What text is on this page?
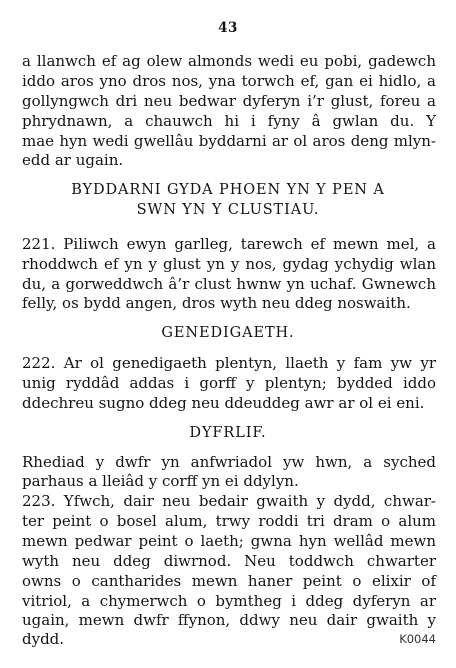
43

a llanwch ef ag olew almonds wedi eu pobi, gadewch

iddo aros yno dros nos, yna torwch ef, gan ei hidlo, a

gollyngwch dri neu bedwar dyferyn i’r glust, foreu a

phrydnawn, a chauwch hi i fyny â gwlan du. Y

mae hyn wedi gwellâu byddarni ar ol aros deng mlyn-

edd ar ugain.

BYDDARNI GYDA PHOEN YN Y PEN A

SWN YN Y CLUSTIAU.

221. Piliwch ewyn garlleg, tarewch ef mewn mel, a

rhoddwch ef yn y glust yn y nos, gydag ychydig wlan

du, a gorweddwch â’r clust hwnw yn uchaf. Gwnewch

felly, os bydd angen, dros wyth neu ddeg noswaith.

GENEDIGAETH.

222. Ar ol genedigaeth plentyn, llaeth y fam yw yr

unig ryddâd addas i gorff y plentyn; bydded iddo

ddechreu sugno ddeg neu ddeuddeg awr ar ol ei eni.

DYFRLIF.

Rhediad y dwfr yn anfwriadol yw hwn, a syched

parhaus a lleiâd y corff yn ei ddylyn.

223. Yfwch, dair neu bedair gwaith y dydd, chwar-

ter peint o bosel alum, trwy roddi tri dram o alum

mewn pedwar peint o laeth; gwna hyn wellâd mewn

wyth neu ddeg diwrnod. Neu toddwch chwarter

owns o cantharides mewn haner peint o elixir of

vitriol, a chymerwch o bymtheg i ddeg dyferyn ar

ugain, mewn dwfr ffynon, ddwy neu dair gwaith y

dydd.	K0044
